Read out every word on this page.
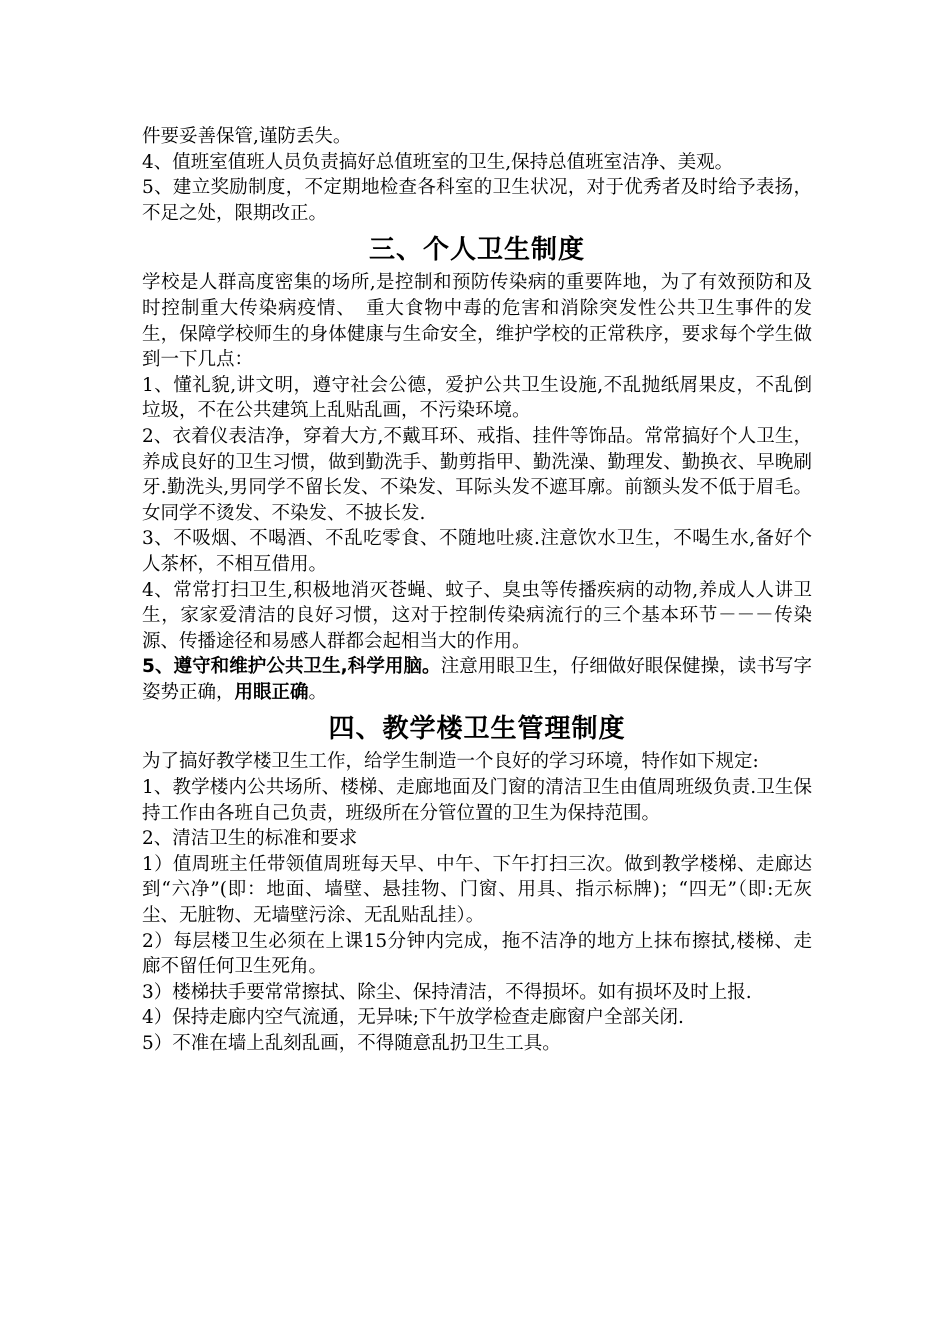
件要妥善保管,谨防丢失。

4、值班室值班人员负责搞好总值班室的卫生,保持总值班室洁净、美观。

5、建立奖励制度，不定期地检查各科室的卫生状况，对于优秀者及时给予表扬，不足之处，限期改正。

三、个人卫生制度

学校是人群高度密集的场所,是控制和预防传染病的重要阵地，为了有效预防和及时控制重大传染病疫情、　重大食物中毒的危害和消除突发性公共卫生事件的发生，保障学校师生的身体健康与生命安全，维护学校的正常秩序，要求每个学生做到一下几点：

1、懂礼貌,讲文明，遵守社会公德，爱护公共卫生设施,不乱抛纸屑果皮，不乱倒垃圾，不在公共建筑上乱贴乱画，不污染环境。

2、衣着仪表洁净，穿着大方,不戴耳环、戒指、挂件等饰品。常常搞好个人卫生，养成良好的卫生习惯，做到勤洗手、勤剪指甲、勤洗澡、勤理发、勤换衣、早晚刷牙.勤洗头,男同学不留长发、不染发、耳际头发不遮耳廓。前额头发不低于眉毛。女同学不烫发、不染发、不披长发.

3、不吸烟、不喝酒、不乱吃零食、不随地吐痰.注意饮水卫生，不喝生水,备好个人茶杯，不相互借用。

4、常常打扫卫生,积极地消灭苍蝇、蚊子、臭虫等传播疾病的动物,养成人人讲卫生，家家爱清洁的良好习惯，这对于控制传染病流行的三个基本环节－－－传染源、传播途径和易感人群都会起相当大的作用。

5、遵守和维护公共卫生,科学用脑。注意用眼卫生，仔细做好眼保健操，读书写字姿势正确，用眼正确。

四、教学楼卫生管理制度

为了搞好教学楼卫生工作，给学生制造一个良好的学习环境，特作如下规定:

1、教学楼内公共场所、楼梯、走廊地面及门窗的清洁卫生由值周班级负责.卫生保持工作由各班自己负责，班级所在分管位置的卫生为保持范围。

2、清洁卫生的标准和要求

1）值周班主任带领值周班每天早、中午、下午打扫三次。做到教学楼梯、走廊达到“六净”(即：地面、墙壁、悬挂物、门窗、用具、指示标牌)；“四无”（即:无灰尘、无脏物、无墙壁污涂、无乱贴乱挂）。

2）每层楼卫生必须在上课15分钟内完成，拖不洁净的地方上抹布擦拭,楼梯、走廊不留任何卫生死角。

3）楼梯扶手要常常擦拭、除尘、保持清洁，不得损坏。如有损坏及时上报.

4）保持走廊内空气流通，无异味;下午放学检查走廊窗户全部关闭.

5）不准在墙上乱刻乱画，不得随意乱扔卫生工具。
